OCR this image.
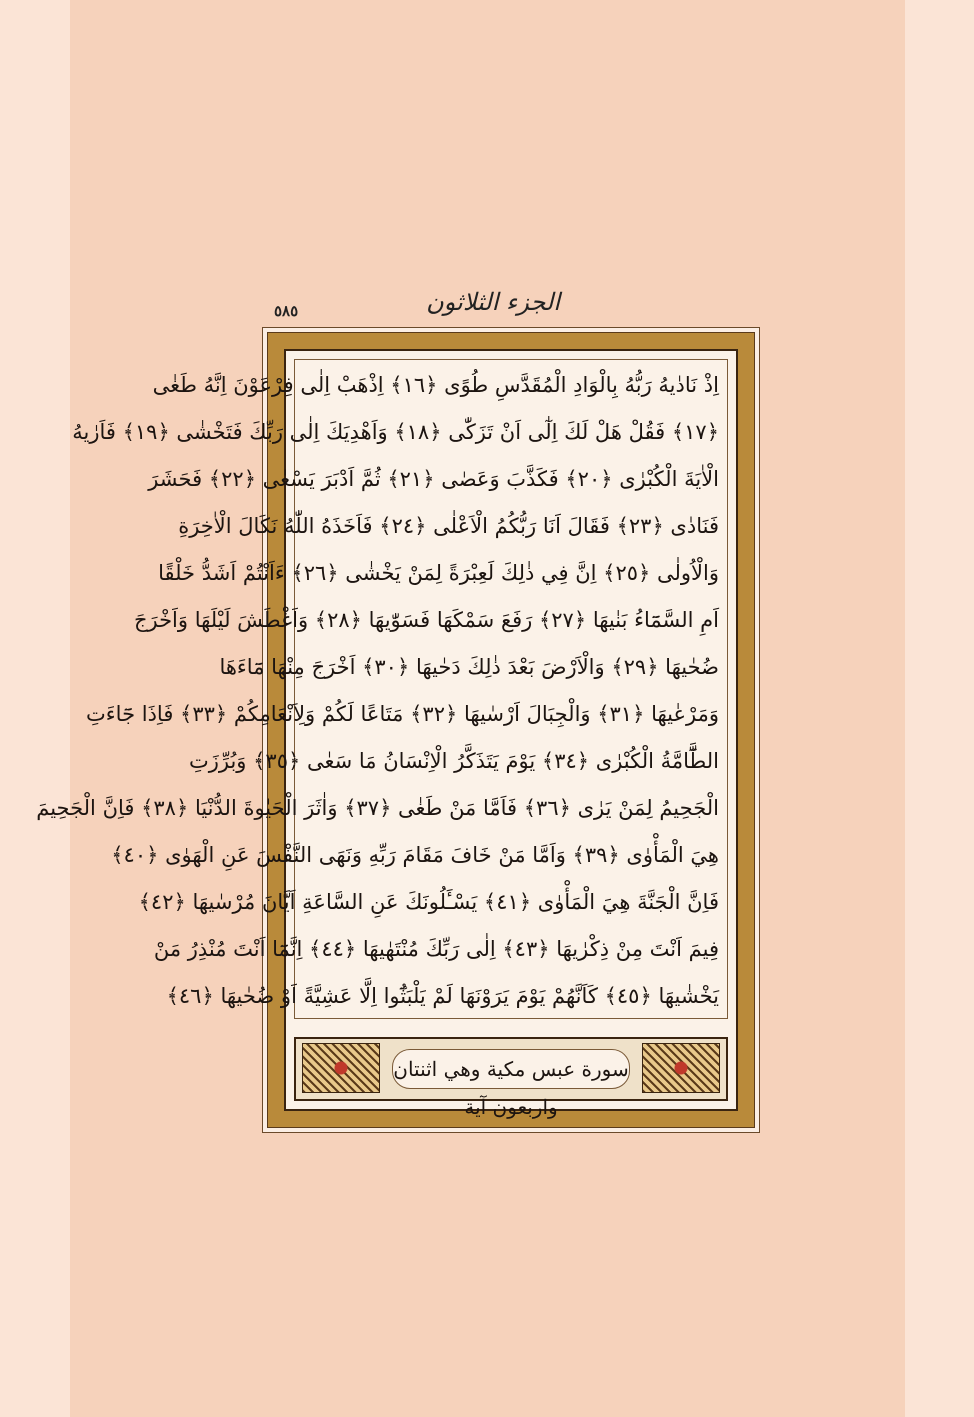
٥٨٥	الجزء الثلاثون
اِذْ نَادٰيهُ رَبُّهُ بِالْوَادِ الْمُقَدَّسِ طُوًى ﴿١٦﴾ اِذْهَبْ اِلٰى فِرْعَوْنَ اِنَّهُ طَغٰى
﴿١٧﴾ فَقُلْ هَلْ لَكَ اِلٰٓى اَنْ تَزَكّٰى ﴿١٨﴾ وَاَهْدِيَكَ اِلٰى رَبِّكَ فَتَخْشٰى ﴿١٩﴾ فَاَرٰيهُ
الْاٰيَةَ الْكُبْرٰى ﴿٢٠﴾ فَكَذَّبَ وَعَصٰى ﴿٢١﴾ ثُمَّ اَدْبَرَ يَسْعٰى ﴿٢٢﴾ فَحَشَرَ
فَنَادٰى ﴿٢٣﴾ فَقَالَ اَنَا رَبُّكُمُ الْاَعْلٰى ﴿٢٤﴾ فَاَخَذَهُ اللّٰهُ نَكَالَ الْاٰخِرَةِ
وَالْاُولٰى ﴿٢٥﴾ اِنَّ فِي ذٰلِكَ لَعِبْرَةً لِمَنْ يَخْشٰى ﴿٢٦﴾ ءَاَنْتُمْ اَشَدُّ خَلْقًا
اَمِ السَّمَٓاءُ بَنٰيهَا ﴿٢٧﴾ رَفَعَ سَمْكَهَا فَسَوّٰيهَا ﴿٢٨﴾ وَاَغْطَشَ لَيْلَهَا وَاَخْرَجَ
ضُحٰيهَا ﴿٢٩﴾ وَالْاَرْضَ بَعْدَ ذٰلِكَ دَحٰيهَا ﴿٣٠﴾ اَخْرَجَ مِنْهَا مَٓاءَهَا
وَمَرْعٰيهَا ﴿٣١﴾ وَالْجِبَالَ اَرْسٰيهَا ﴿٣٢﴾ مَتَاعًا لَكُمْ وَلِاَنْعَامِكُمْ ﴿٣٣﴾ فَاِذَا جَٓاءَتِ
الطَّٓامَّةُ الْكُبْرٰى ﴿٣٤﴾ يَوْمَ يَتَذَكَّرُ الْاِنْسَانُ مَا سَعٰى ﴿٣٥﴾ وَبُرِّزَتِ
الْجَحِيمُ لِمَنْ يَرٰى ﴿٣٦﴾ فَاَمَّا مَنْ طَغٰى ﴿٣٧﴾ وَاٰثَرَ الْحَيٰوةَ الدُّنْيَا ﴿٣٨﴾ فَاِنَّ الْجَحِيمَ
هِيَ الْمَأْوٰى ﴿٣٩﴾ وَاَمَّا مَنْ خَافَ مَقَامَ رَبِّهِ وَنَهَى النَّفْسَ عَنِ الْهَوٰى ﴿٤٠﴾
فَاِنَّ الْجَنَّةَ هِيَ الْمَأْوٰى ﴿٤١﴾ يَسْـَٔلُونَكَ عَنِ السَّاعَةِ اَيَّانَ مُرْسٰيهَا ﴿٤٢﴾
فِيمَ اَنْتَ مِنْ ذِكْرٰيهَا ﴿٤٣﴾ اِلٰى رَبِّكَ مُنْتَهٰيهَا ﴿٤٤﴾ اِنَّمَٓا اَنْتَ مُنْذِرُ مَنْ
يَخْشٰيهَا ﴿٤٥﴾ كَاَنَّهُمْ يَوْمَ يَرَوْنَهَا لَمْ يَلْبَثُٓوا اِلَّا عَشِيَّةً اَوْ ضُحٰيهَا ﴿٤٦﴾
سورة عبس مكية وهي اثنتان واربعون آية
